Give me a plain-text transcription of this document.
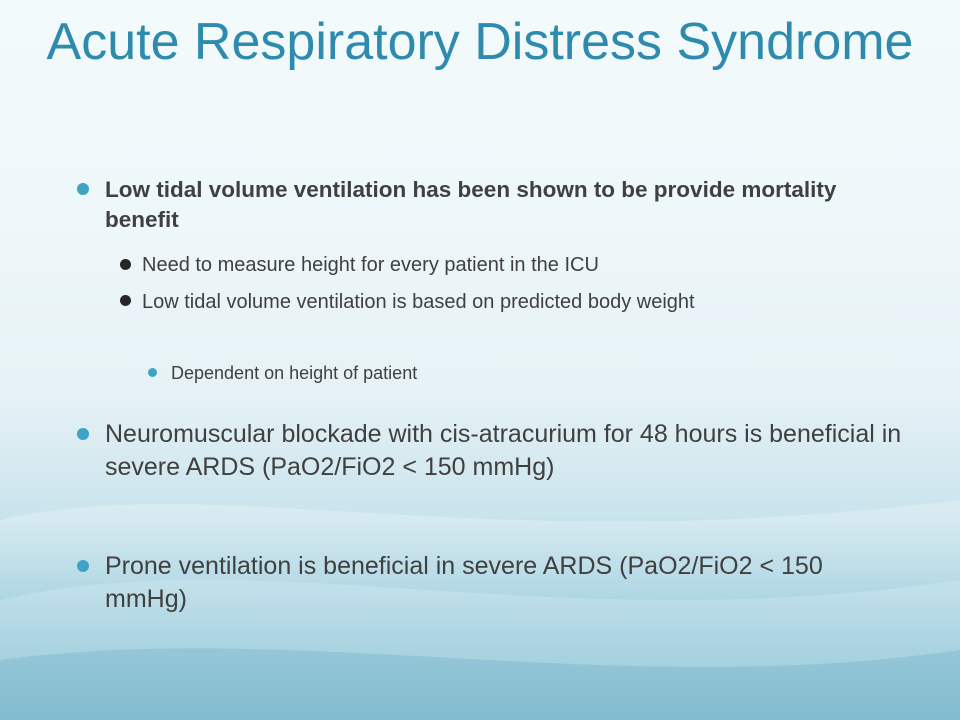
Acute Respiratory Distress Syndrome
Low tidal volume ventilation has been shown to be provide mortality benefit
Need to measure height for every patient in the ICU
Low tidal volume ventilation is based on predicted body weight
Dependent on height of patient
Neuromuscular blockade with cis-atracurium for 48 hours is beneficial in severe ARDS (PaO2/FiO2 < 150 mmHg)
Prone ventilation is beneficial in severe ARDS (PaO2/FiO2 < 150 mmHg)
